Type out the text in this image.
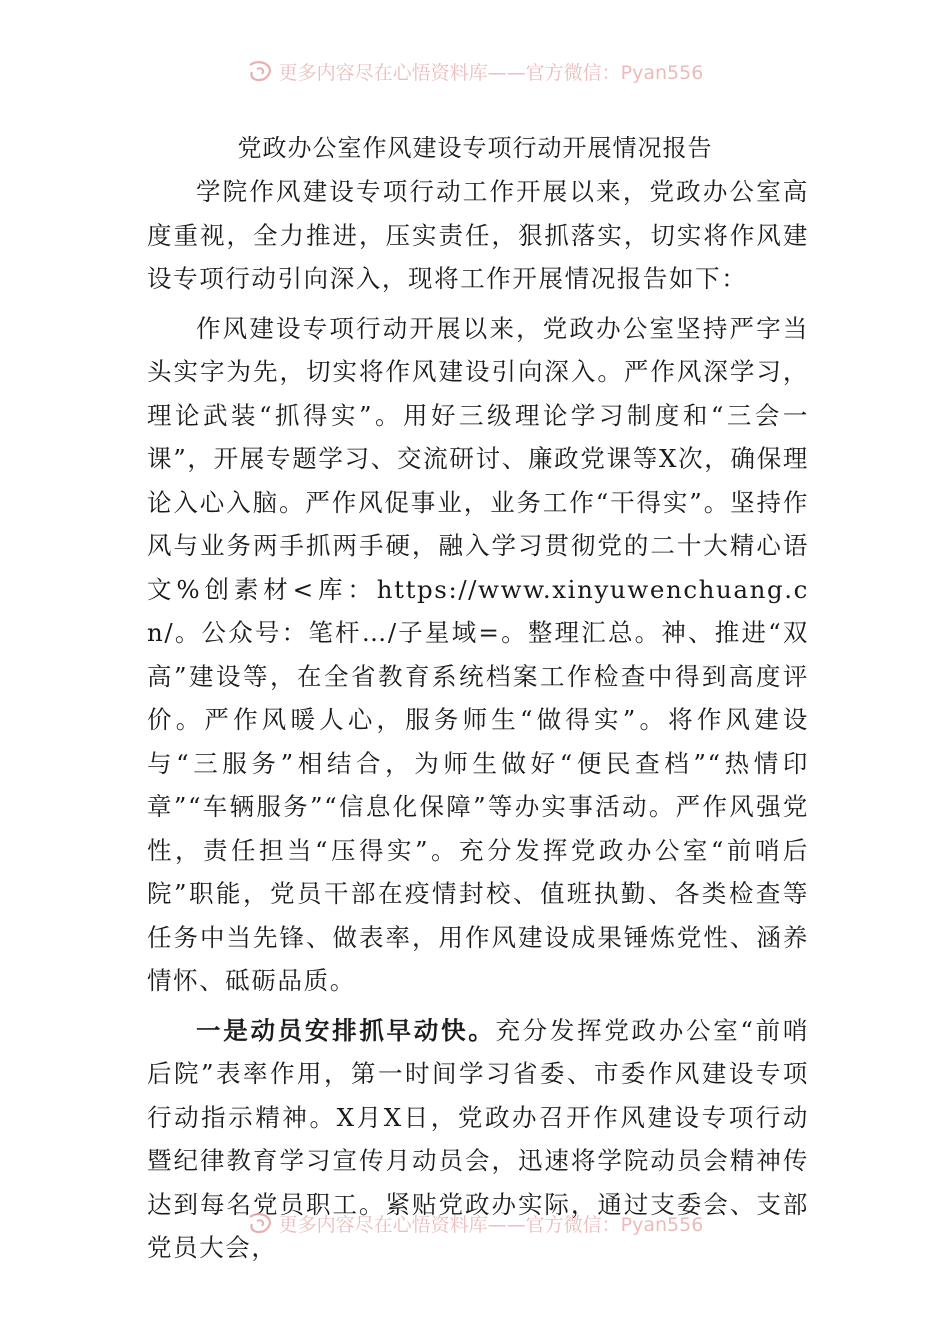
更多内容尽在心悟资料库——官方微信：Pyan556
党政办公室作风建设专项行动开展情况报告

学院作风建设专项行动工作开展以来，党政办公室高度重视，全力推进，压实责任，狠抓落实，切实将作风建设专项行动引向深入，现将工作开展情况报告如下：

作风建设专项行动开展以来，党政办公室坚持严字当头实字为先，切实将作风建设引向深入。严作风深学习，理论武装“抓得实”。用好三级理论学习制度和“三会一课”，开展专题学习、交流研讨、廉政党课等X次，确保理论入心入脑。严作风促事业，业务工作“干得实”。坚持作风与业务两手抓两手硬，融入学习贯彻党的二十大精心语文%创素材<库：https://www.xinyuwenchuang.cn/。公众号：笔杆…/子星域=。整理汇总。神、推进“双高”建设等，在全省教育系统档案工作检查中得到高度评价。严作风暖人心，服务师生“做得实”。将作风建设与“三服务”相结合，为师生做好“便民查档”“热情印章”“车辆服务”“信息化保障”等办实事活动。严作风强党性，责任担当“压得实”。充分发挥党政办公室“前哨后院”职能，党员干部在疫情封校、值班执勤、各类检查等任务中当先锋、做表率，用作风建设成果锤炼党性、涵养情怀、砥砺品质。

一是动员安排抓早动快。充分发挥党政办公室“前哨后院”表率作用，第一时间学习省委、市委作风建设专项行动指示精神。X月X日，党政办召开作风建设专项行动暨纪律教育学习宣传月动员会，迅速将学院动员会精神传达到每名党员职工。紧贴党政办实际，通过支委会、支部党员大会，

更多内容尽在心悟资料库——官方微信：Pyan556
